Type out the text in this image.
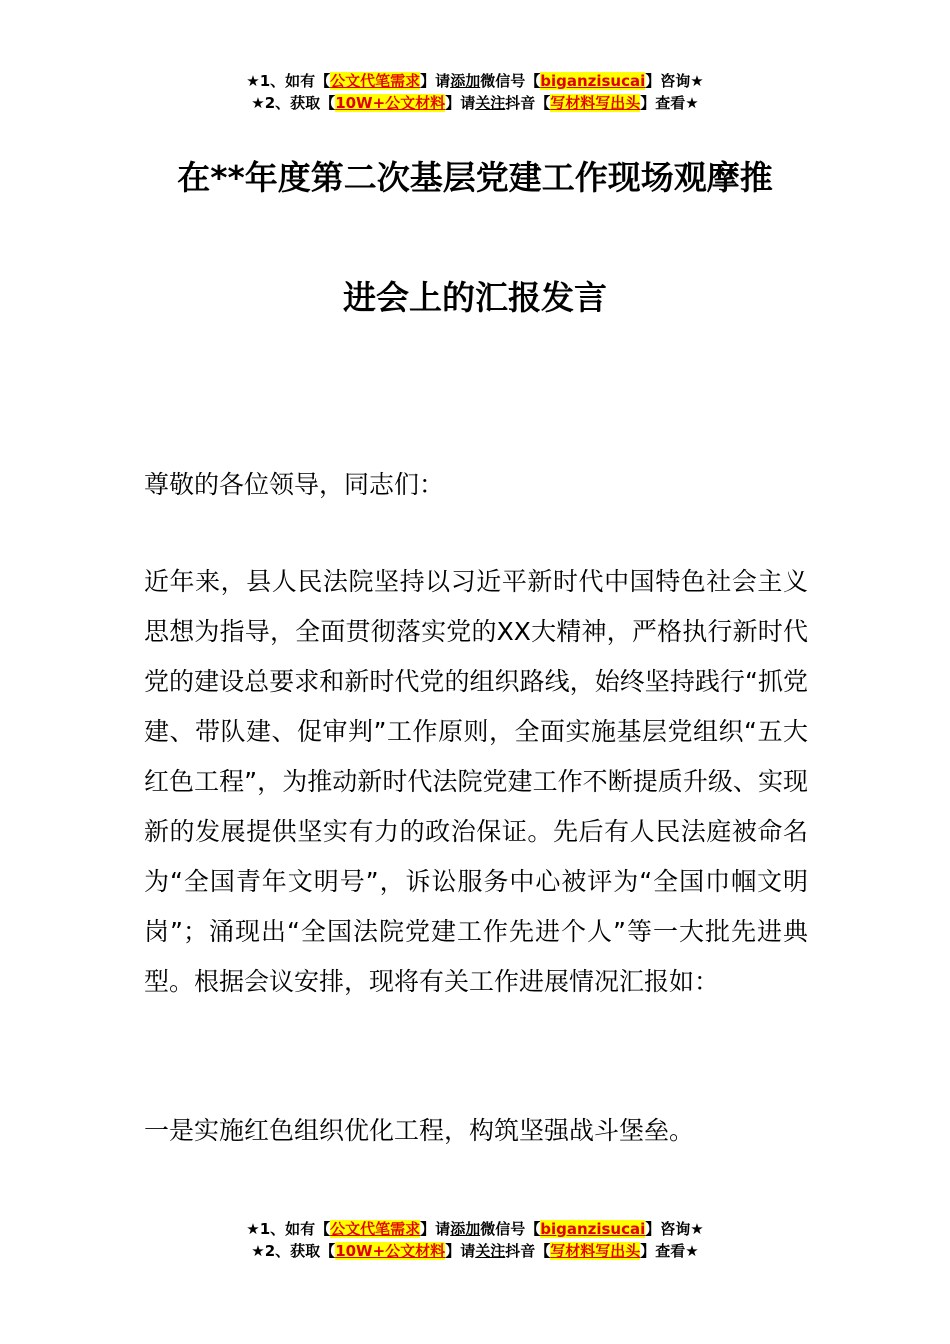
★1、如有【公文代笔需求】请添加微信号【biganzisucai】咨询★
★2、获取【10W+公文材料】请关注抖音【写材料写出头】查看★
在**年度第二次基层党建工作现场观摩推
进会上的汇报发言
尊敬的各位领导，同志们：
近年来，县人民法院坚持以习近平新时代中国特色社会主义思想为指导，全面贯彻落实党的XX大精神，严格执行新时代党的建设总要求和新时代党的组织路线，始终坚持践行“抓党建、带队建、促审判”工作原则，全面实施基层党组织“五大红色工程”，为推动新时代法院党建工作不断提质升级、实现新的发展提供坚实有力的政治保证。先后有人民法庭被命名为“全国青年文明号”，诉讼服务中心被评为“全国巾帼文明岗”；涌现出“全国法院党建工作先进个人”等一大批先进典型。根据会议安排，现将有关工作进展情况汇报如：
一是实施红色组织优化工程，构筑坚强战斗堡垒。
★1、如有【公文代笔需求】请添加微信号【biganzisucai】咨询★
★2、获取【10W+公文材料】请关注抖音【写材料写出头】查看★
